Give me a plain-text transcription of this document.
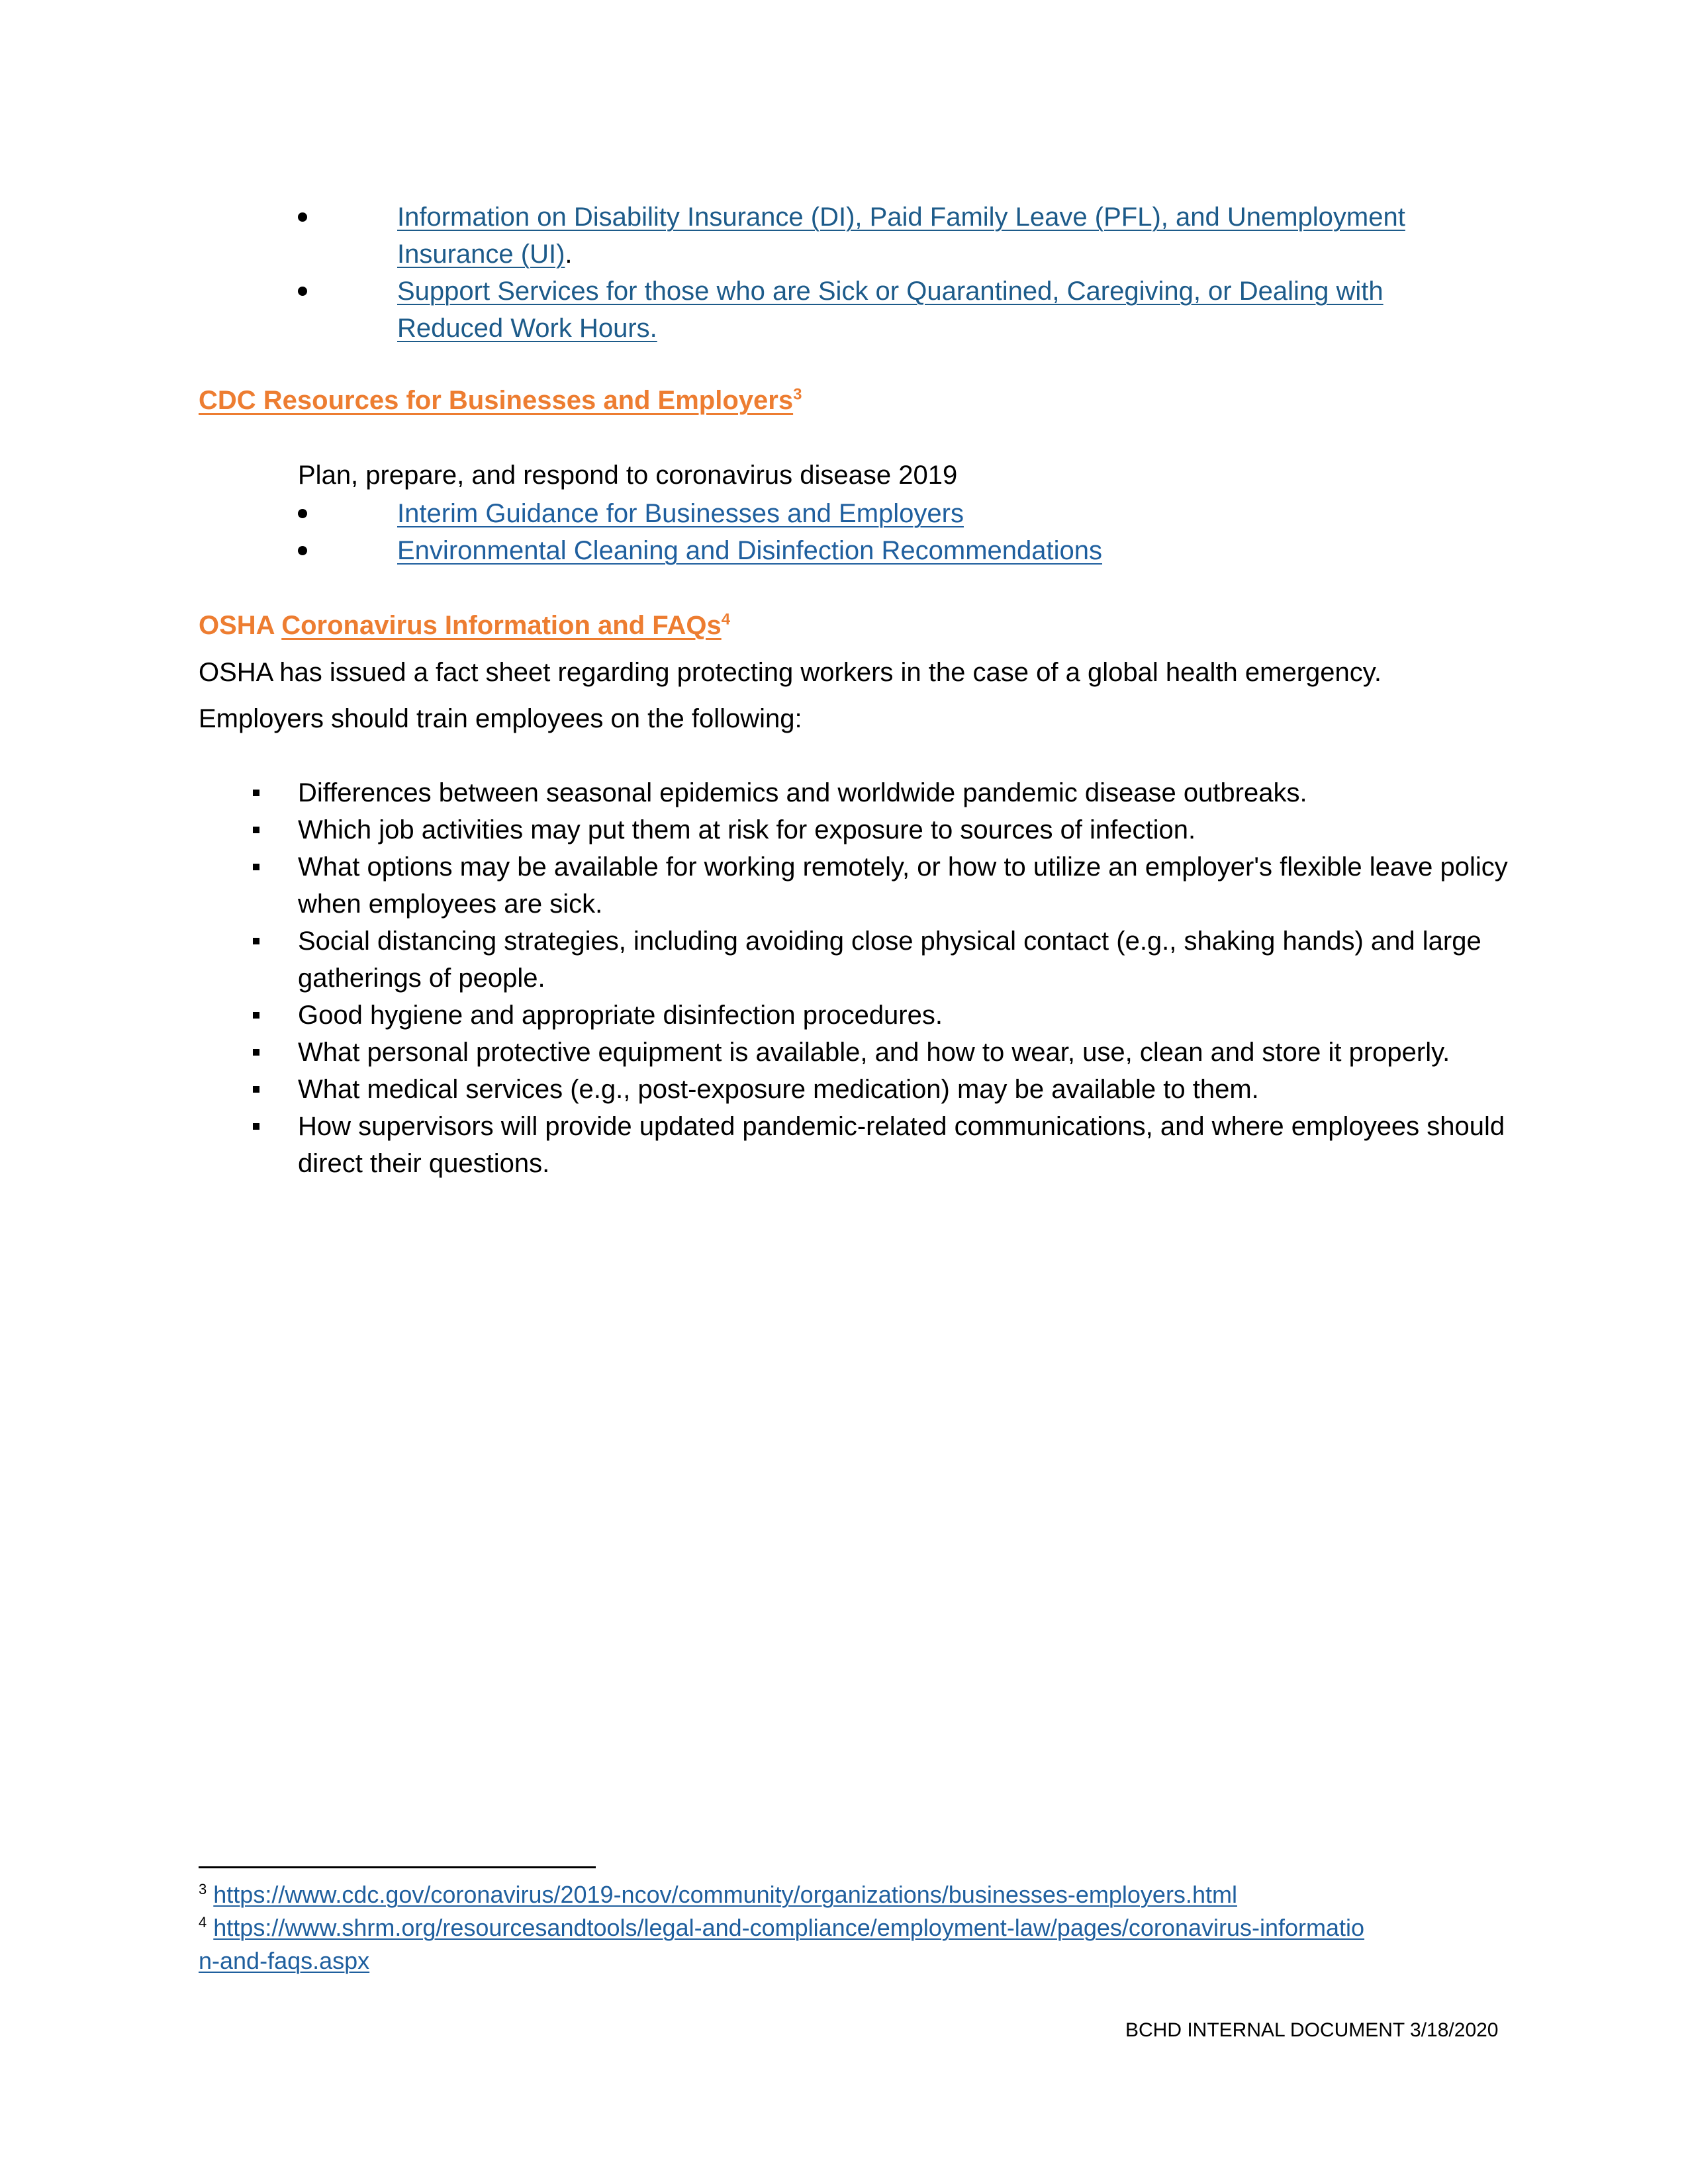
Information on Disability Insurance (DI), Paid Family Leave (PFL), and Unemployment
Insurance (UI).
Support Services for those who are Sick or Quarantined, Caregiving, or Dealing with
Reduced Work Hours.
CDC Resources for Businesses and Employers$^3$
Plan, prepare, and respond to coronavirus disease 2019
Interim Guidance for Businesses and Employers
Environmental Cleaning and Disinfection Recommendations
OSHA Coronavirus Information and FAQs$^4$
OSHA has issued a fact sheet regarding protecting workers in the case of a global health emergency.
Employers should train employees on the following:
Differences between seasonal epidemics and worldwide pandemic disease outbreaks.
Which job activities may put them at risk for exposure to sources of infection.
What options may be available for working remotely, or how to utilize an employer's flexible leave policy when employees are sick.
Social distancing strategies, including avoiding close physical contact (e.g., shaking hands) and large gatherings of people.
Good hygiene and appropriate disinfection procedures.
What personal protective equipment is available, and how to wear, use, clean and store it properly.
What medical services (e.g., post-exposure medication) may be available to them.
How supervisors will provide updated pandemic-related communications, and where employees should direct their questions.
$^3$ https://www.cdc.gov/coronavirus/2019-ncov/community/organizations/businesses-employers.html
$^4$ https://www.shrm.org/resourcesandtools/legal-and-compliance/employment-law/pages/coronavirus-information-and-faqs.aspx
BCHD INTERNAL DOCUMENT 3/18/2020
